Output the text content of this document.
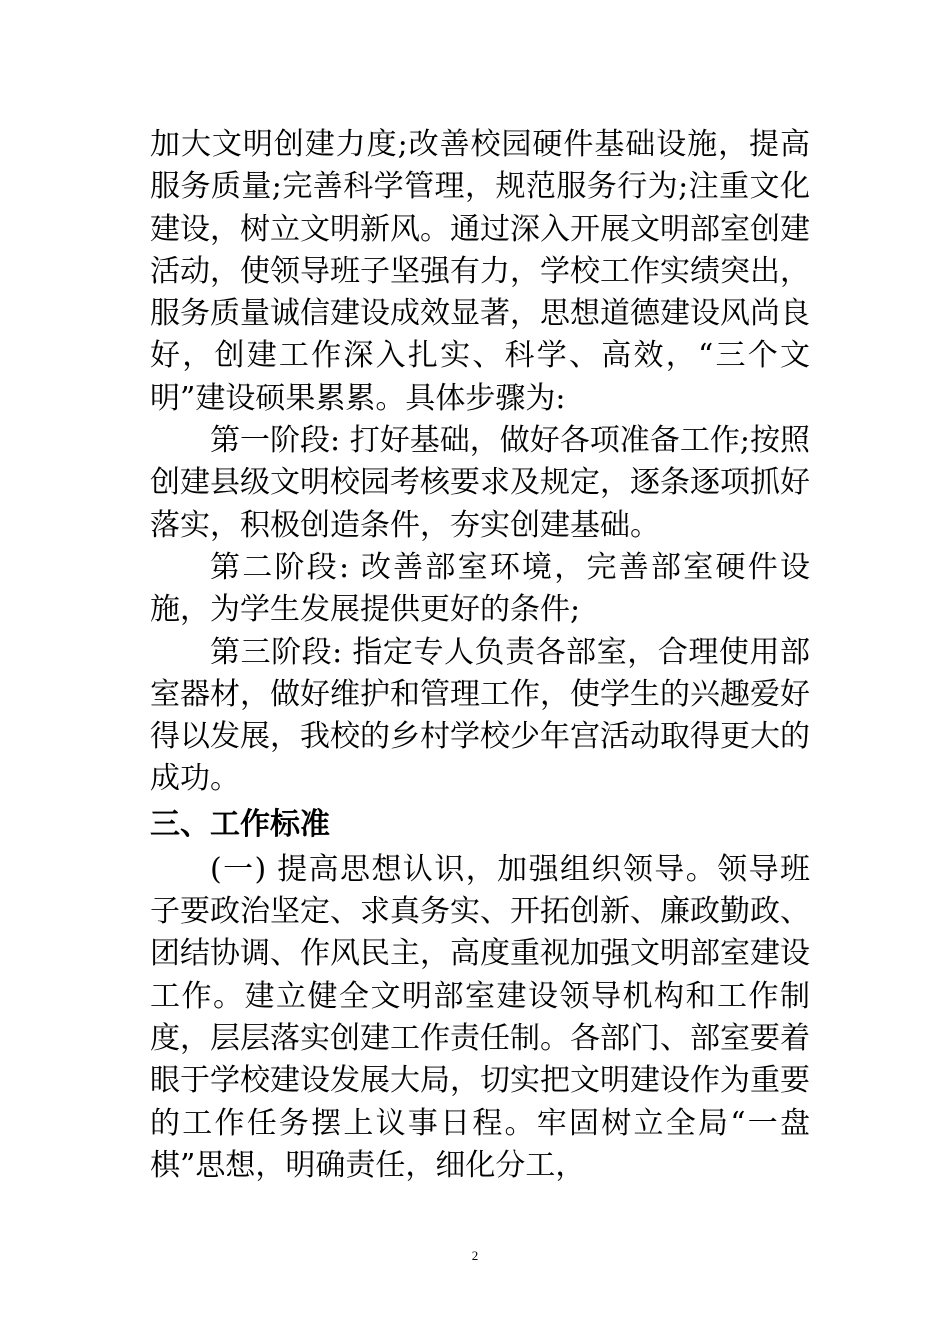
加大文明创建力度;改善校园硬件基础设施，提高服务质量;完善科学管理，规范服务行为;注重文化建设，树立文明新风。通过深入开展文明部室创建活动，使领导班子坚强有力，学校工作实绩突出，服务质量诚信建设成效显著，思想道德建设风尚良好，创建工作深入扎实、科学、高效，“三个文明”建设硕果累累。具体步骤为:

第一阶段: 打好基础，做好各项准备工作;按照创建县级文明校园考核要求及规定，逐条逐项抓好落实，积极创造条件，夯实创建基础。

第二阶段: 改善部室环境，完善部室硬件设施，为学生发展提供更好的条件;

第三阶段: 指定专人负责各部室，合理使用部室器材，做好维护和管理工作，使学生的兴趣爱好得以发展，我校的乡村学校少年宫活动取得更大的成功。

三、工作标准

(一) 提高思想认识，加强组织领导。领导班子要政治坚定、求真务实、开拓创新、廉政勤政、团结协调、作风民主，高度重视加强文明部室建设工作。建立健全文明部室建设领导机构和工作制度，层层落实创建工作责任制。各部门、部室要着眼于学校建设发展大局，切实把文明建设作为重要的工作任务摆上议事日程。牢固树立全局“一盘棋”思想，明确责任，细化分工，

2
